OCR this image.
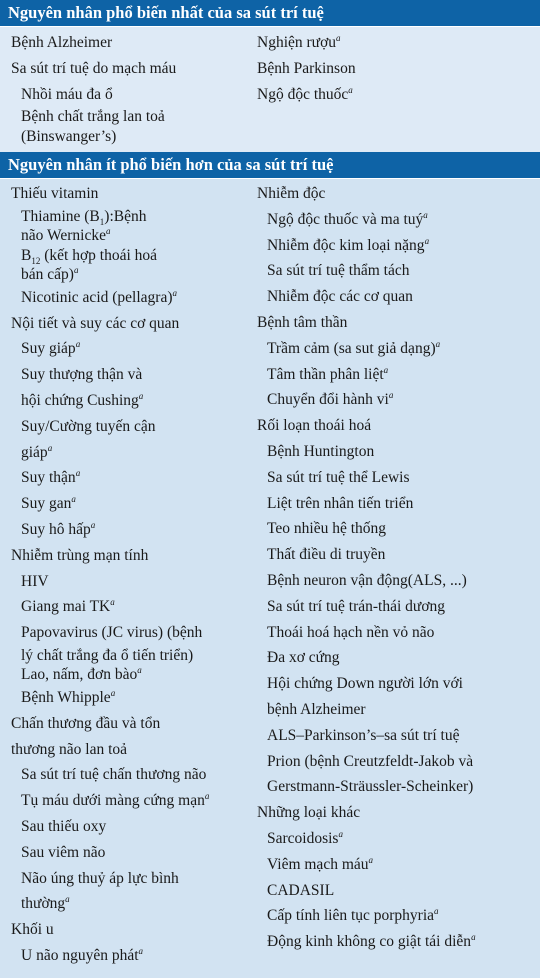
Nguyên nhân phổ biến nhất của sa sút trí tuệ
Bệnh Alzheimer
Sa sút trí tuệ do mạch máu
Nhồi máu đa ổ
Bệnh chất trắng lan toả
(Binswanger’s)
Nghiện rượu$^a$
Bệnh Parkinson
Ngộ độc thuốc$^a$
Nguyên nhân ít phổ biến hơn của sa sút trí tuệ
Thiếu vitamin
Thiamine $(B_1):Bệnh$
não Wernicke$^a$
$B_{12}$ (kết hợp thoái hoá
bán cấp)$^a$
Nicotinic acid (pellagra)$^a$
Nội tiết và suy các cơ quan
Suy giáp$^a$
Suy thượng thận và
hội chứng Cushing$^a$
Suy/Cường tuyến cận
giáp$^a$
Suy thận$^a$
Suy gan$^a$
Suy hô hấp$^a$
Nhiễm trùng mạn tính
HIV
Giang mai $TK^a$
Papovavirus (JC virus) (bệnh
lý chất trắng đa ổ tiến triển)
Lao, nấm, đơn bào$^a$
Bệnh Whipple$^a$
Chấn thương đầu và tổn
thương não lan toả
Sa sút trí tuệ chấn thương não
Tụ máu dưới màng cứng mạn$^a$
Sau thiếu oxy
Sau viêm não
Não úng thuỷ áp lực bình
thường$^a$
Khối u
U não nguyên phát$^a$
Nhiễm độc
Ngộ độc thuốc và ma tuý$^a$
Nhiễm độc kim loại nặng$^a$
Sa sút trí tuệ thẩm tách
Nhiễm độc các cơ quan
Bệnh tâm thần
Trầm cảm (sa sut giả dạng)$^a$
Tâm thần phân liệt$^a$
Chuyển đổi hành $vi^a$
Rối loạn thoái hoá
Bệnh Huntington
Sa sút trí tuệ thể Lewis
Liệt trên nhân tiến triển
Teo nhiều hệ thống
Thất điều di truyền
Bệnh neuron vận động(ALS, ...)
Sa sút trí tuệ trán-thái dương
Thoái hoá hạch nền vỏ não
Đa xơ cứng
Hội chứng Down người lớn với
bệnh Alzheimer
ALS–Parkinson’s–sa sút trí tuệ
Prion (bệnh Creutzfeldt-Jakob và
Gerstmann-Sträussler-Scheinker)
Những loại khác
Sarcoidosis$^a$
Viêm mạch máu$^a$
CADASIL
Cấp tính liên tục porphyria$^a$
Động kinh không co giật tái diễn$^a$
